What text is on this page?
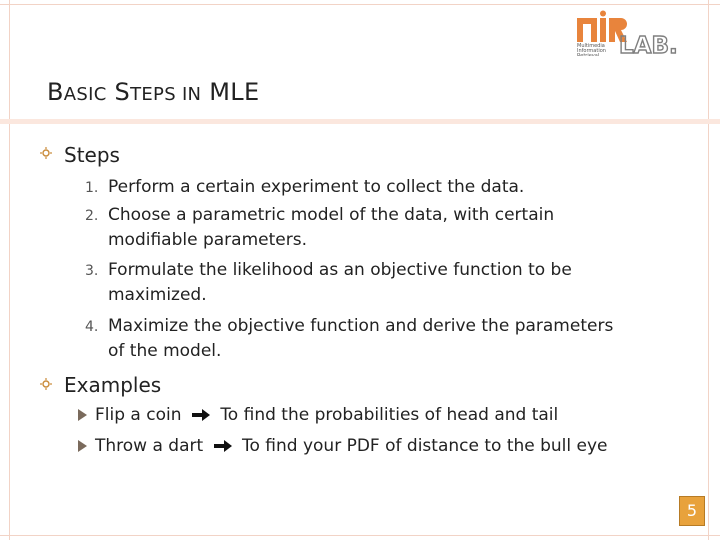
Multimedia
Information
Retrieval LAB.
BASIC STEPS IN MLE
Steps
1. Perform a certain experiment to collect the data.
2. Choose a parametric model of the data, with certain modifiable parameters.
3. Formulate the likelihood as an objective function to be maximized.
4. Maximize the objective function and derive the parameters of the model.
Examples
Flip a coin To find the probabilities of head and tail
Throw a dart To find your PDF of distance to the bull eye
5
